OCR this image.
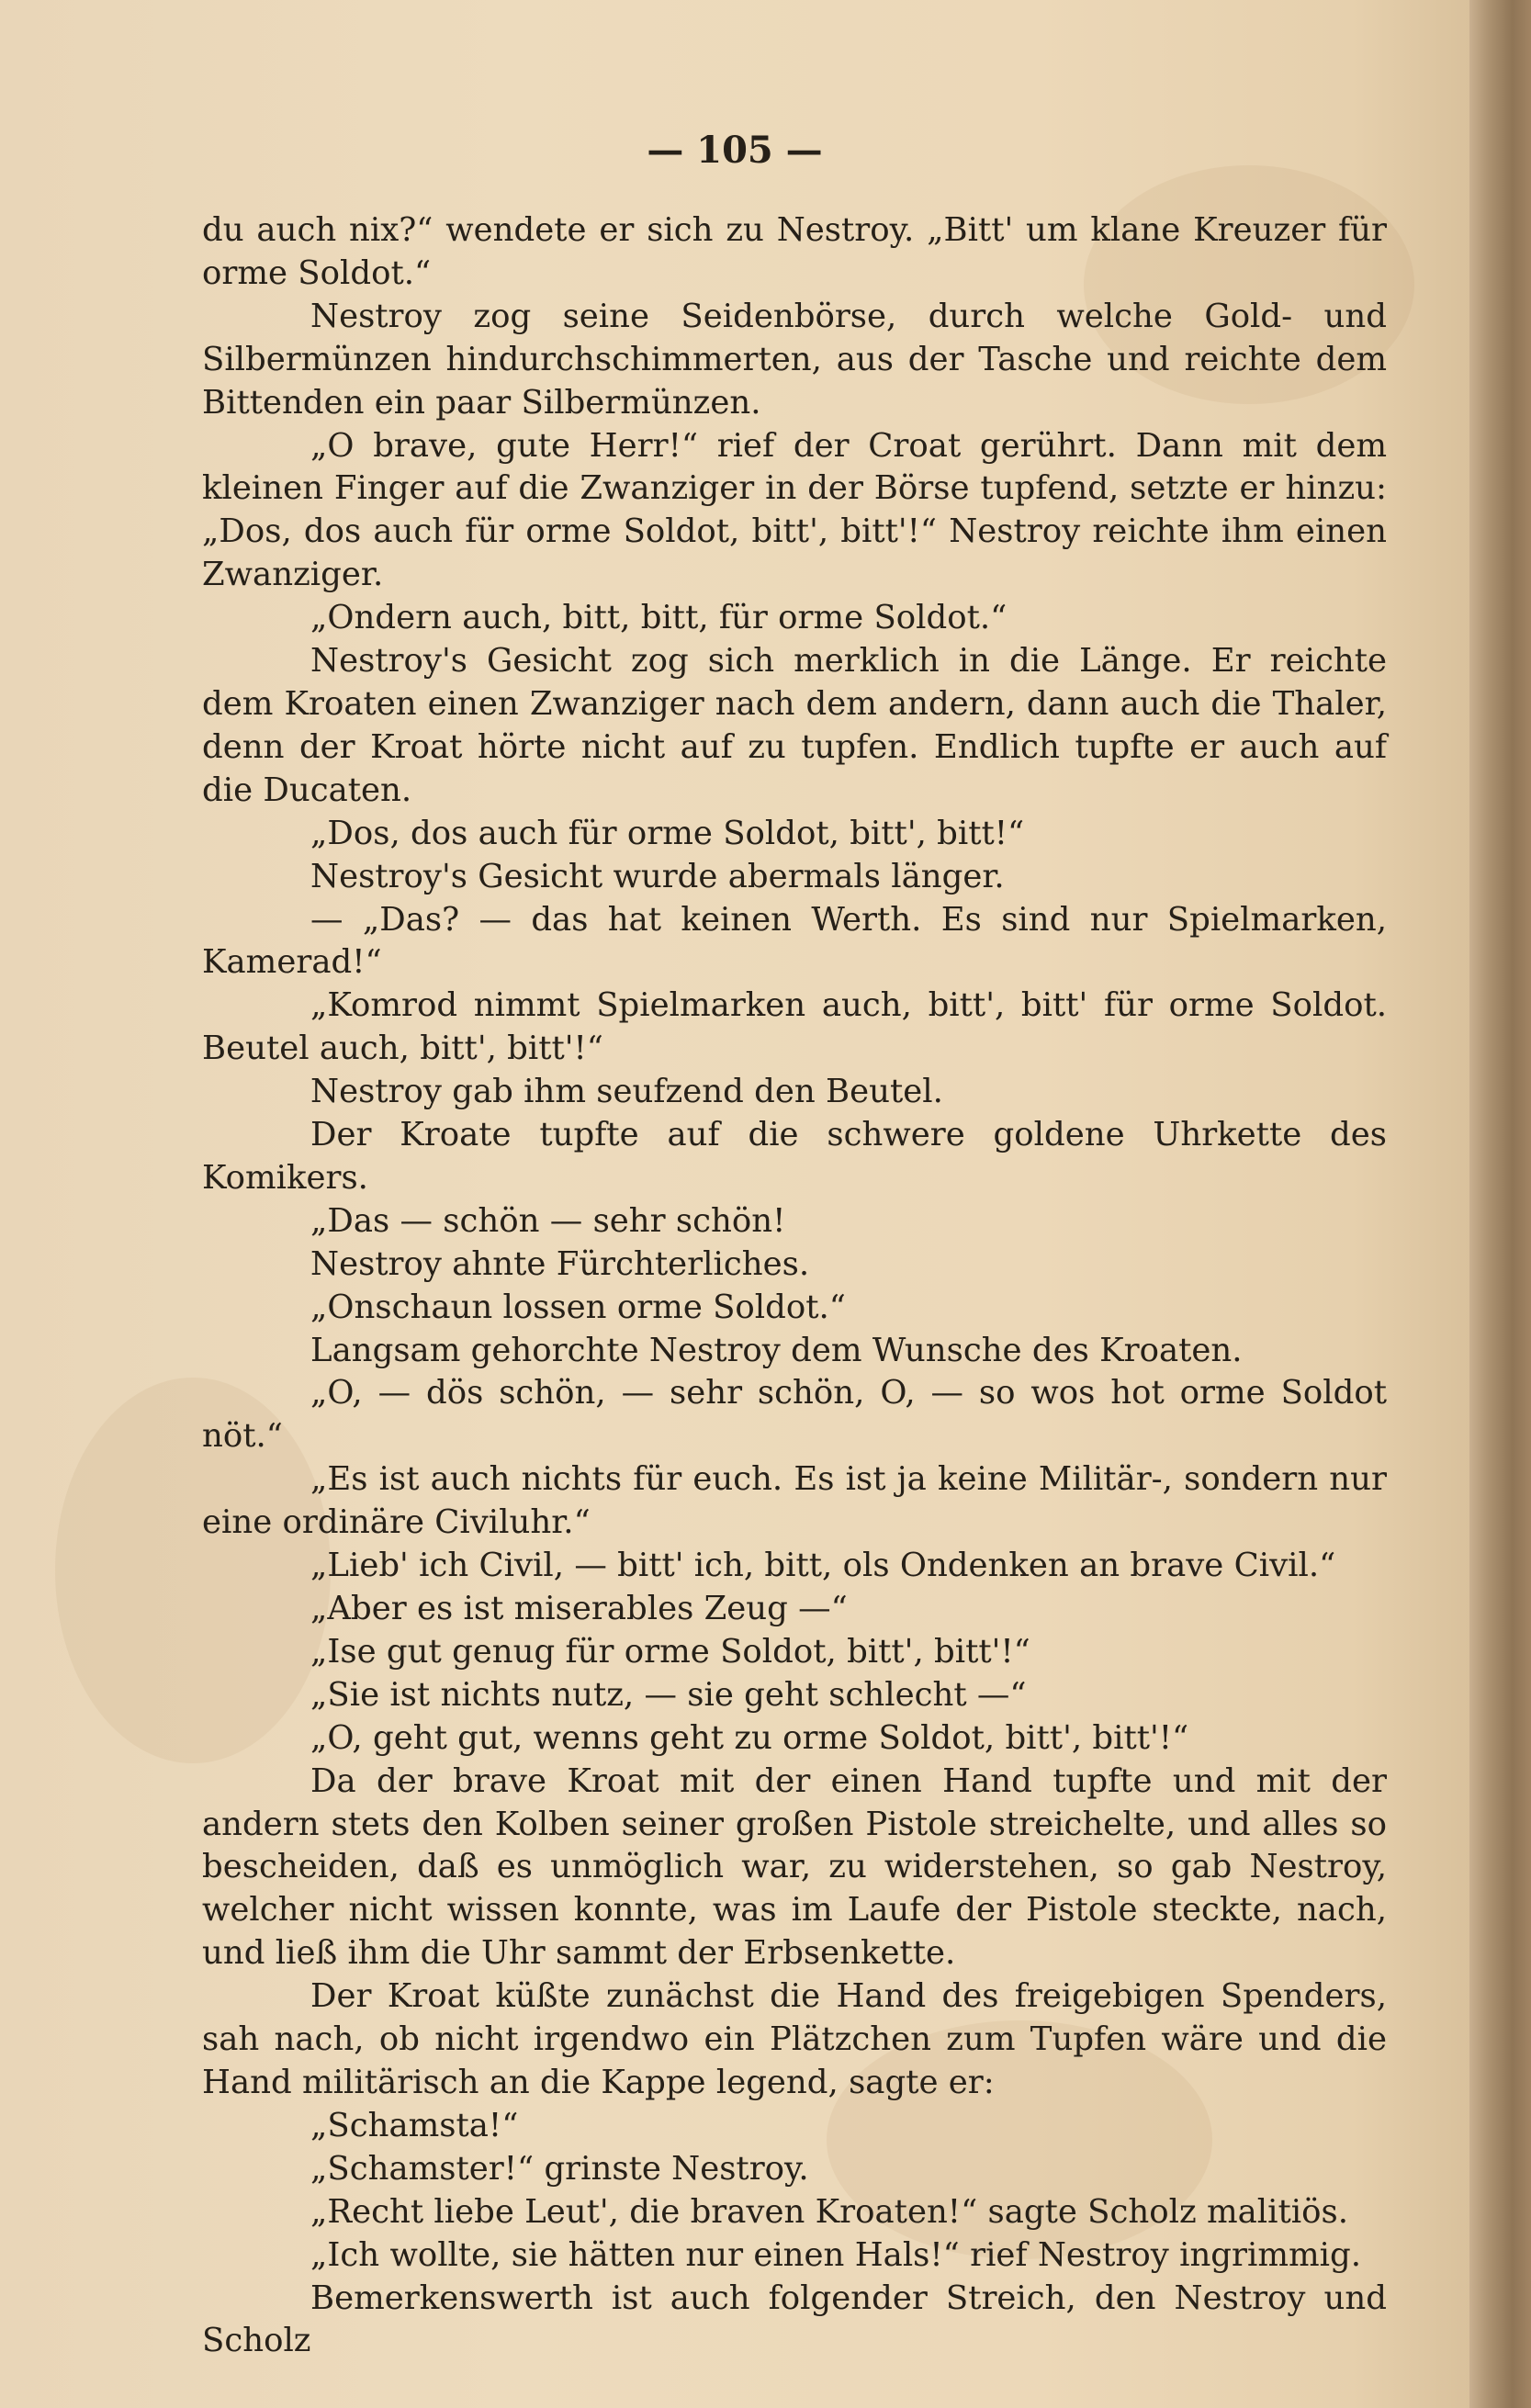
— 105 —

du auch nix?“ wendete er sich zu Nestroy. „Bitt' um klane Kreuzer für orme Soldot.“

Nestroy zog seine Seidenbörse, durch welche Gold- und Silbermünzen hindurchschimmerten, aus der Tasche und reichte dem Bittenden ein paar Silbermünzen.

„O brave, gute Herr!“ rief der Croat gerührt. Dann mit dem kleinen Finger auf die Zwanziger in der Börse tupfend, setzte er hinzu: „Dos, dos auch für orme Soldot, bitt', bitt'!“ Nestroy reichte ihm einen Zwanziger.

„Ondern auch, bitt, bitt, für orme Soldot.“

Nestroy's Gesicht zog sich merklich in die Länge. Er reichte dem Kroaten einen Zwanziger nach dem andern, dann auch die Thaler, denn der Kroat hörte nicht auf zu tupfen. Endlich tupfte er auch auf die Ducaten.

„Dos, dos auch für orme Soldot, bitt', bitt!“

Nestroy's Gesicht wurde abermals länger.

— „Das? — das hat keinen Werth. Es sind nur Spielmarken, Kamerad!“

„Komrod nimmt Spielmarken auch, bitt', bitt' für orme Soldot. Beutel auch, bitt', bitt'!“

Nestroy gab ihm seufzend den Beutel.

Der Kroate tupfte auf die schwere goldene Uhrkette des Komikers.

„Das — schön — sehr schön!

Nestroy ahnte Fürchterliches.

„Onschaun lossen orme Soldot.“

Langsam gehorchte Nestroy dem Wunsche des Kroaten.

„O, — dös schön, — sehr schön, O, — so wos hot orme Soldot nöt.“

„Es ist auch nichts für euch. Es ist ja keine Militär-, sondern nur eine ordinäre Civiluhr.“

„Lieb' ich Civil, — bitt' ich, bitt, ols Ondenken an brave Civil.“

„Aber es ist miserables Zeug —“

„Ise gut genug für orme Soldot, bitt', bitt'!“

„Sie ist nichts nutz, — sie geht schlecht —“

„O, geht gut, wenns geht zu orme Soldot, bitt', bitt'!“

Da der brave Kroat mit der einen Hand tupfte und mit der andern stets den Kolben seiner großen Pistole streichelte, und alles so bescheiden, daß es unmöglich war, zu widerstehen, so gab Nestroy, welcher nicht wissen konnte, was im Laufe der Pistole steckte, nach, und ließ ihm die Uhr sammt der Erbsenkette.

Der Kroat küßte zunächst die Hand des freigebigen Spenders, sah nach, ob nicht irgendwo ein Plätzchen zum Tupfen wäre und die Hand militärisch an die Kappe legend, sagte er:

„Schamsta!“

„Schamster!“ grinste Nestroy.

„Recht liebe Leut', die braven Kroaten!“ sagte Scholz malitiös.

„Ich wollte, sie hätten nur einen Hals!“ rief Nestroy ingrimmig.

Bemerkenswerth ist auch folgender Streich, den Nestroy und Scholz
